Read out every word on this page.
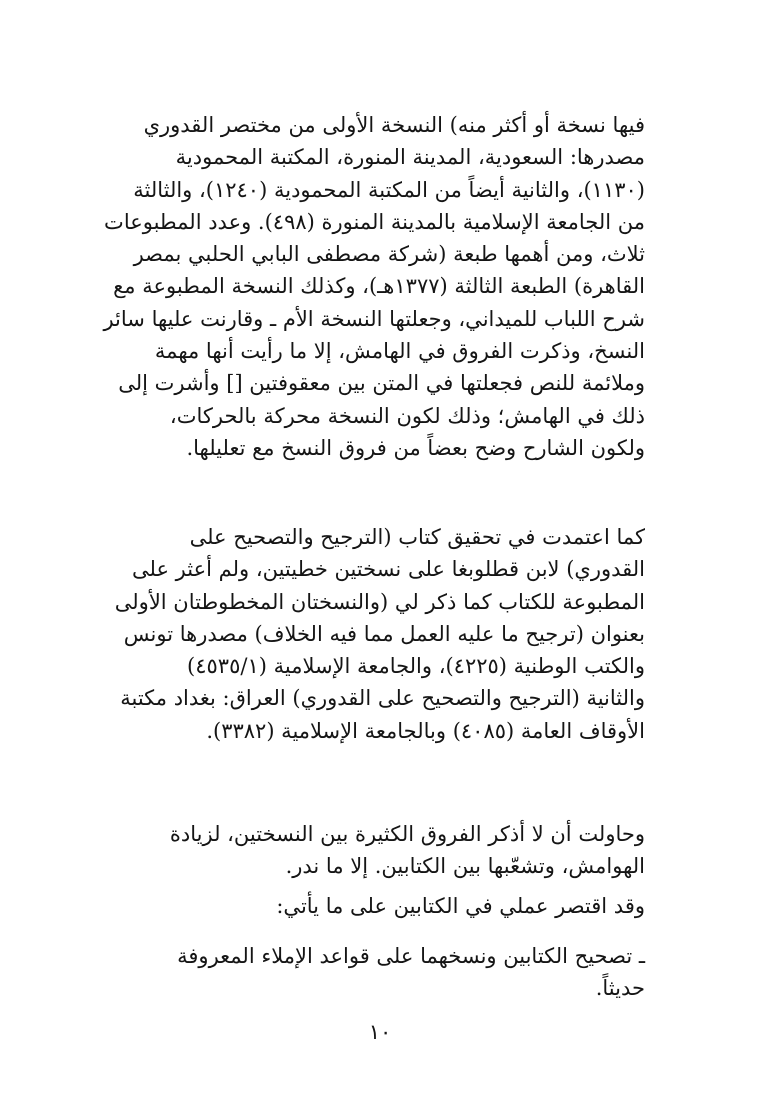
فيها نسخة أو أكثر منه) النسخة الأولى من مختصر القدوري
مصدرها: السعودية، المدينة المنورة، المكتبة المحمودية
(١١٣٠)، والثانية أيضاً من المكتبة المحمودية (١٢٤٠)، والثالثة
من الجامعة الإسلامية بالمدينة المنورة (٤٩٨). وعدد المطبوعات
ثلاث، ومن أهمها طبعة (شركة مصطفى البابي الحلبي بمصر
القاهرة) الطبعة الثالثة (١٣٧٧هـ)، وكذلك النسخة المطبوعة مع
شرح اللباب للميداني، وجعلتها النسخة الأم ـ وقارنت عليها سائر
النسخ، وذكرت الفروق في الهامش، إلا ما رأيت أنها مهمة
وملائمة للنص فجعلتها في المتن بين معقوفتين [] وأشرت إلى
ذلك في الهامش؛ وذلك لكون النسخة محركة بالحركات،
ولكون الشارح وضح بعضاً من فروق النسخ مع تعليلها.
كما اعتمدت في تحقيق كتاب (الترجيح والتصحيح على
القدوري) لابن قطلوبغا على نسختين خطيتين، ولم أعثر على
المطبوعة للكتاب كما ذكر لي (والنسختان المخطوطتان الأولى
بعنوان (ترجيح ما عليه العمل مما فيه الخلاف) مصدرها تونس
والكتب الوطنية (٤٢٢٥)، والجامعة الإسلامية (٤٥٣٥/١)
والثانية (الترجيح والتصحيح على القدوري) العراق: بغداد مكتبة
الأوقاف العامة (٤٠٨٥) وبالجامعة الإسلامية (٣٣٨٢).
وحاولت أن لا أذكر الفروق الكثيرة بين النسختين، لزيادة
الهوامش، وتشعّبها بين الكتابين. إلا ما ندر.
وقد اقتصر عملي في الكتابين على ما يأتي:
ـ تصحيح الكتابين ونسخهما على قواعد الإملاء المعروفة
حديثاً.
١٠
